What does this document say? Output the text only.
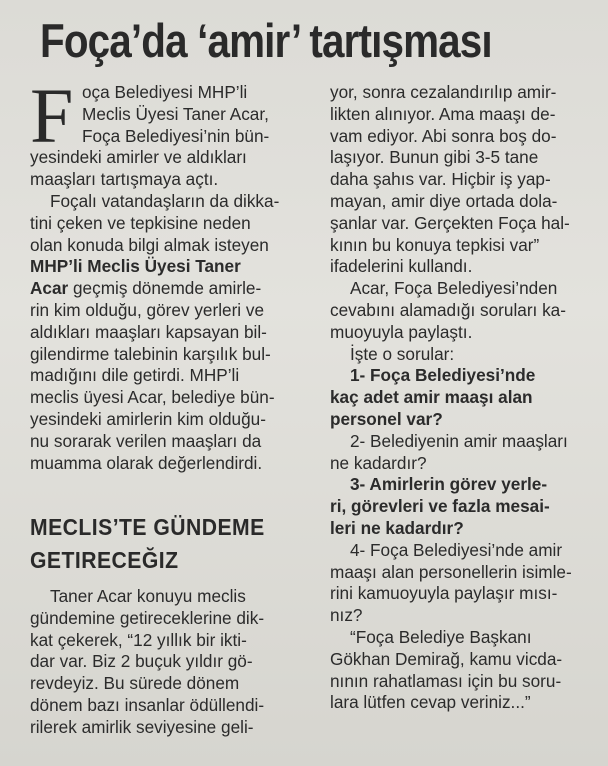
Foça’da ‘amir’ tartışması
F oça Belediyesi MHP’li
Meclis Üyesi Taner Acar,
Foça Belediyesi’nin bün-
yesindeki amirler ve aldıkları
maaşları tartışmaya açtı.
Foçalı vatandaşların da dikka-
tini çeken ve tepkisine neden
olan konuda bilgi almak isteyen
MHP’li Meclis Üyesi Taner
Acar geçmiş dönemde amirle-
rin kim olduğu, görev yerleri ve
aldıkları maaşları kapsayan bil-
gilendirme talebinin karşılık bul-
madığını dile getirdi. MHP’li
meclis üyesi Acar, belediye bün-
yesindeki amirlerin kim olduğu-
nu sorarak verilen maaşları da
muamma olarak değerlendirdi.
MECLIS’TE GÜNDEME
GETIRECEĞIZ
Taner Acar konuyu meclis
gündemine getireceklerine dik-
kat çekerek, “12 yıllık bir ikti-
dar var. Biz 2 buçuk yıldır gö-
revdeyiz. Bu sürede dönem
dönem bazı insanlar ödüllendi-
rilerek amirlik seviyesine geli-
yor, sonra cezalandırılıp amir-
likten alınıyor. Ama maaşı de-
vam ediyor. Abi sonra boş do-
laşıyor. Bunun gibi 3-5 tane
daha şahıs var. Hiçbir iş yap-
mayan, amir diye ortada dola-
şanlar var. Gerçekten Foça hal-
kının bu konuya tepkisi var”
ifadelerini kullandı.
Acar, Foça Belediyesi’nden
cevabını alamadığı soruları ka-
muoyuyla paylaştı.
İşte o sorular:
1- Foça Belediyesi’nde
kaç adet amir maaşı alan
personel var?
2- Belediyenin amir maaşları
ne kadardır?
3- Amirlerin görev yerle-
ri, görevleri ve fazla mesai-
leri ne kadardır?
4- Foça Belediyesi’nde amir
maaşı alan personellerin isimle-
rini kamuoyuyla paylaşır mısı-
nız?
“Foça Belediye Başkanı
Gökhan Demirağ, kamu vicda-
nının rahatlaması için bu soru-
lara lütfen cevap veriniz...”
